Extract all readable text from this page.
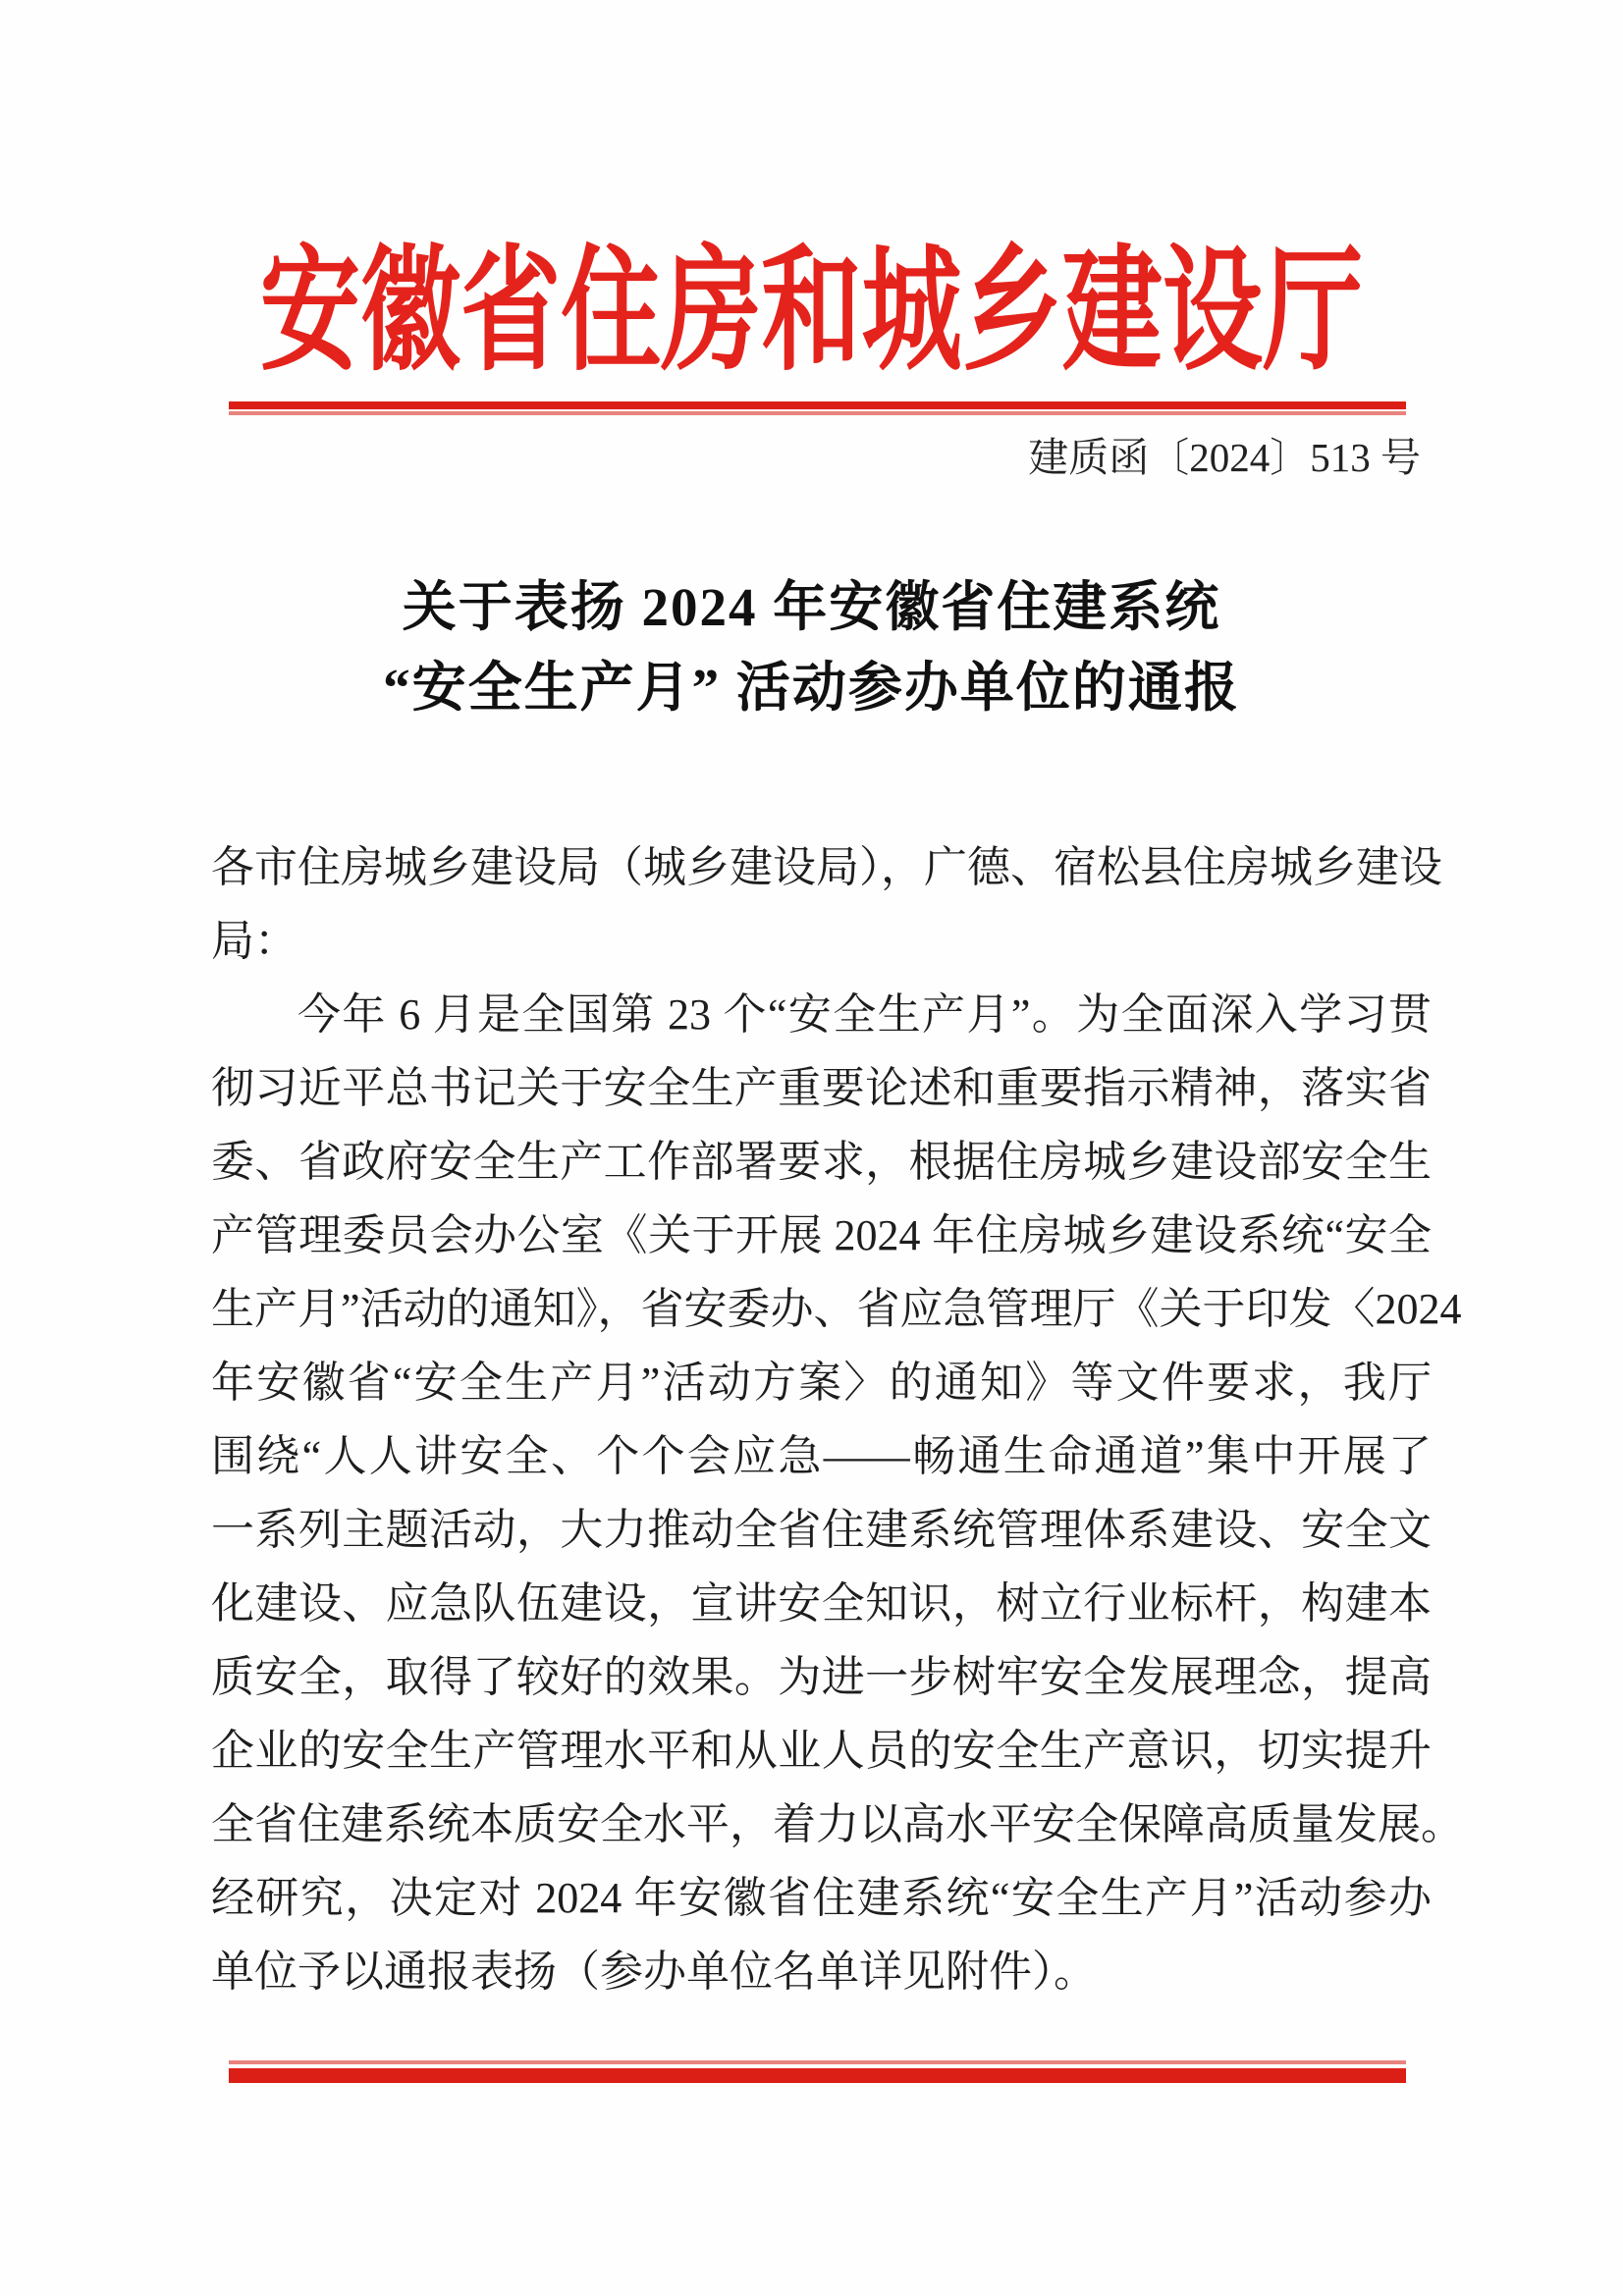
安徽省住房和城乡建设厅
建质函〔2024〕513 号
关于表扬 2024 年安徽省住建系统
“安全生产月” 活动参办单位的通报
各市住房城乡建设局（城乡建设局），广德、宿松县住房城乡建设
局：
今年 6 月是全国第 23 个“安全生产月”。为全面深入学习贯
彻习近平总书记关于安全生产重要论述和重要指示精神，落实省
委、省政府安全生产工作部署要求，根据住房城乡建设部安全生
产管理委员会办公室《关于开展 2024 年住房城乡建设系统“安全
生产月”活动的通知》，省安委办、省应急管理厅《关于印发〈2024
年安徽省“安全生产月”活动方案〉的通知》等文件要求，我厅
围绕“人人讲安全、个个会应急——畅通生命通道”集中开展了
一系列主题活动，大力推动全省住建系统管理体系建设、安全文
化建设、应急队伍建设，宣讲安全知识，树立行业标杆，构建本
质安全，取得了较好的效果。为进一步树牢安全发展理念，提高
企业的安全生产管理水平和从业人员的安全生产意识，切实提升
全省住建系统本质安全水平，着力以高水平安全保障高质量发展。
经研究，决定对 2024 年安徽省住建系统“安全生产月”活动参办
单位予以通报表扬（参办单位名单详见附件）。
